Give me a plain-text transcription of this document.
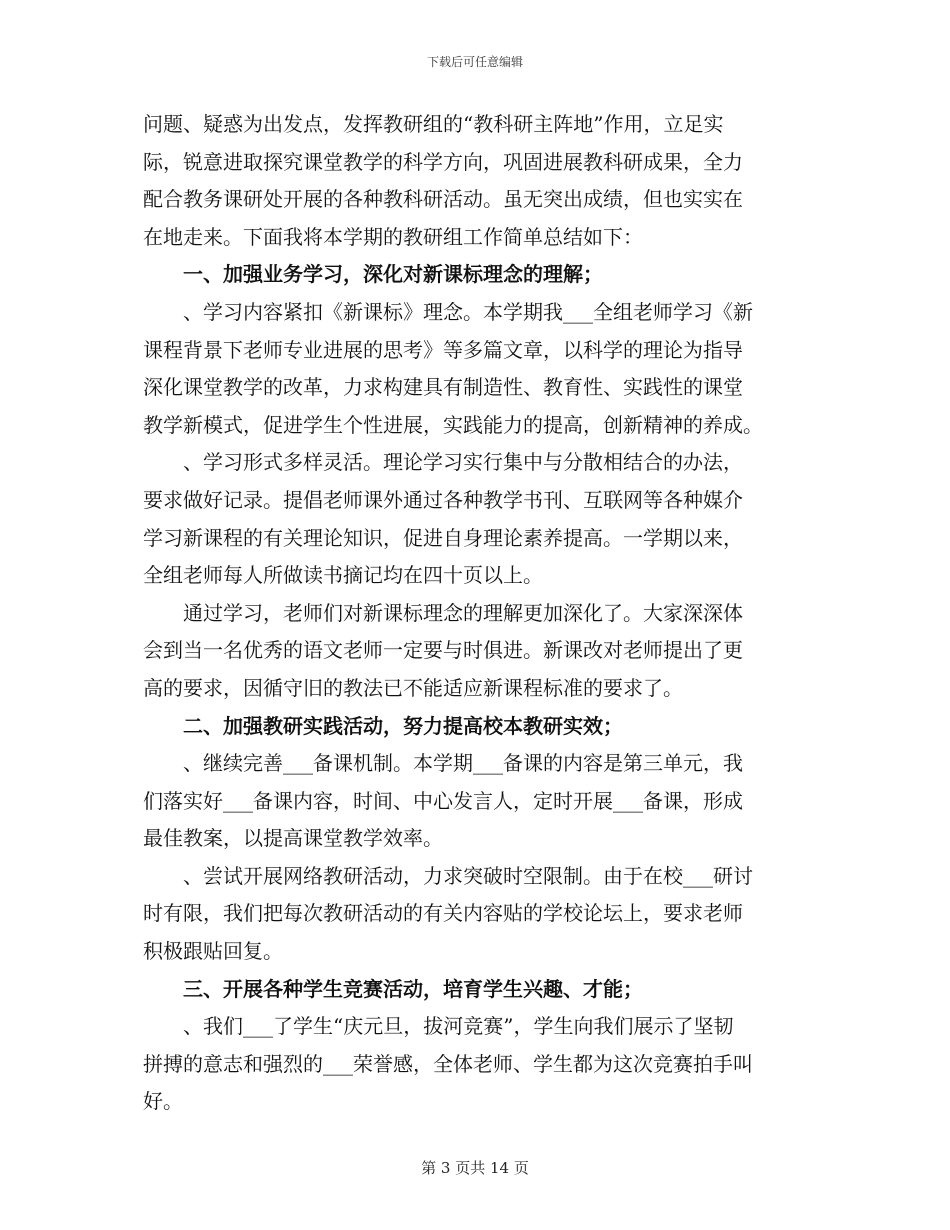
下载后可任意编辑
问题、疑惑为出发点，发挥教研组的“教科研主阵地”作用，立足实
际，锐意进取探究课堂教学的科学方向，巩固进展教科研成果，全力
配合教务课研处开展的各种教科研活动。虽无突出成绩，但也实实在
在地走来。下面我将本学期的教研组工作简单总结如下：
一、加强业务学习，深化对新课标理念的理解；
、学习内容紧扣《新课标》理念。本学期我___全组老师学习《新
课程背景下老师专业进展的思考》等多篇文章，以科学的理论为指导
深化课堂教学的改革，力求构建具有制造性、教育性、实践性的课堂
教学新模式，促进学生个性进展，实践能力的提高，创新精神的养成。
、学习形式多样灵活。理论学习实行集中与分散相结合的办法，
要求做好记录。提倡老师课外通过各种教学书刊、互联网等各种媒介
学习新课程的有关理论知识，促进自身理论素养提高。一学期以来，
全组老师每人所做读书摘记均在四十页以上。
通过学习，老师们对新课标理念的理解更加深化了。大家深深体
会到当一名优秀的语文老师一定要与时俱进。新课改对老师提出了更
高的要求，因循守旧的教法已不能适应新课程标准的要求了。
二、加强教研实践活动，努力提高校本教研实效；
、继续完善___备课机制。本学期___备课的内容是第三单元，我
们落实好___备课内容，时间、中心发言人，定时开展___备课，形成
最佳教案，以提高课堂教学效率。
、尝试开展网络教研活动，力求突破时空限制。由于在校___研讨
时有限，我们把每次教研活动的有关内容贴的学校论坛上，要求老师
积极跟贴回复。
三、开展各种学生竞赛活动，培育学生兴趣、才能；
、我们___了学生“庆元旦，拔河竞赛”，学生向我们展示了坚韧
拼搏的意志和强烈的___荣誉感，全体老师、学生都为这次竞赛拍手叫
好。
第 3 页共 14 页
